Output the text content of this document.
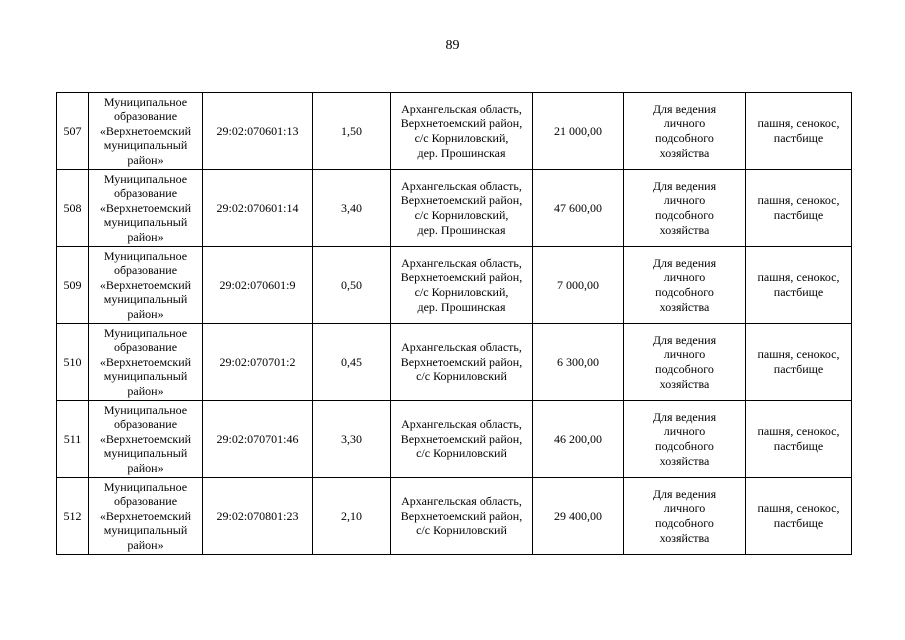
89
507	Муниципальное
образование
«Верхнетоемский
муниципальный
район»	29:02:070601:13	1,50	Архангельская область,
Верхнетоемский район,
с/с Корниловский,
дер. Прошинская	21 000,00	Для ведения
личного
подсобного
хозяйства	пашня, сенокос,
пастбище
508	Муниципальное
образование
«Верхнетоемский
муниципальный
район»	29:02:070601:14	3,40	Архангельская область,
Верхнетоемский район,
с/с Корниловский,
дер. Прошинская	47 600,00	Для ведения
личного
подсобного
хозяйства	пашня, сенокос,
пастбище
509	Муниципальное
образование
«Верхнетоемский
муниципальный
район»	29:02:070601:9	0,50	Архангельская область,
Верхнетоемский район,
с/с Корниловский,
дер. Прошинская	7 000,00	Для ведения
личного
подсобного
хозяйства	пашня, сенокос,
пастбище
510	Муниципальное
образование
«Верхнетоемский
муниципальный
район»	29:02:070701:2	0,45	Архангельская область,
Верхнетоемский район,
с/с Корниловский	6 300,00	Для ведения
личного
подсобного
хозяйства	пашня, сенокос,
пастбище
511	Муниципальное
образование
«Верхнетоемский
муниципальный
район»	29:02:070701:46	3,30	Архангельская область,
Верхнетоемский район,
с/с Корниловский	46 200,00	Для ведения
личного
подсобного
хозяйства	пашня, сенокос,
пастбище
512	Муниципальное
образование
«Верхнетоемский
муниципальный
район»	29:02:070801:23	2,10	Архангельская область,
Верхнетоемский район,
с/с Корниловский	29 400,00	Для ведения
личного
подсобного
хозяйства	пашня, сенокос,
пастбище
